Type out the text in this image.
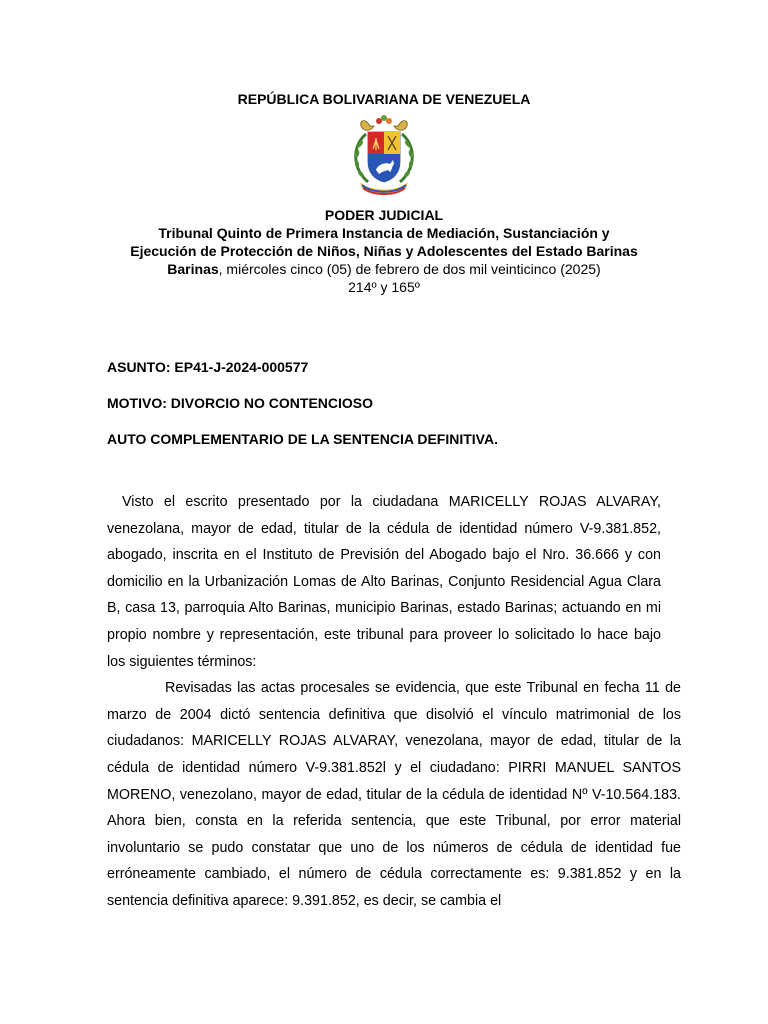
REPÚBLICA BOLIVARIANA DE VENEZUELA
PODER JUDICIAL
Tribunal Quinto de Primera Instancia de Mediación, Sustanciación y
Ejecución de Protección de Niños, Niñas y Adolescentes del Estado Barinas
Barinas, miércoles cinco (05) de febrero de dos mil veinticinco (2025)
214º y 165º
ASUNTO: EP41-J-2024-000577
MOTIVO: DIVORCIO NO CONTENCIOSO
AUTO COMPLEMENTARIO DE LA SENTENCIA DEFINITIVA.

Visto el escrito presentado por la ciudadana MARICELLY ROJAS ALVARAY, venezolana, mayor de edad, titular de la cédula de identidad número V-9.381.852, abogado, inscrita en el Instituto de Previsión del Abogado bajo el Nro. 36.666 y con domicilio en la Urbanización Lomas de Alto Barinas, Conjunto Residencial Agua Clara B, casa 13, parroquia Alto Barinas, municipio Barinas, estado Barinas; actuando en mi propio nombre y representación, este tribunal para proveer lo solicitado lo hace bajo los siguientes términos:

Revisadas las actas procesales se evidencia, que este Tribunal en fecha 11 de marzo de 2004 dictó sentencia definitiva que disolvió el vínculo matrimonial de los ciudadanos: MARICELLY ROJAS ALVARAY, venezolana, mayor de edad, titular de la cédula de identidad número V-9.381.852l y el ciudadano: PIRRI MANUEL SANTOS MORENO, venezolano, mayor de edad, titular de la cédula de identidad Nº V-10.564.183. Ahora bien, consta en la referida sentencia, que este Tribunal, por error material involuntario se pudo constatar que uno de los números de cédula de identidad fue erróneamente cambiado, el número de cédula correctamente es: 9.381.852 y en la sentencia definitiva aparece: 9.391.852, es decir, se cambia el
